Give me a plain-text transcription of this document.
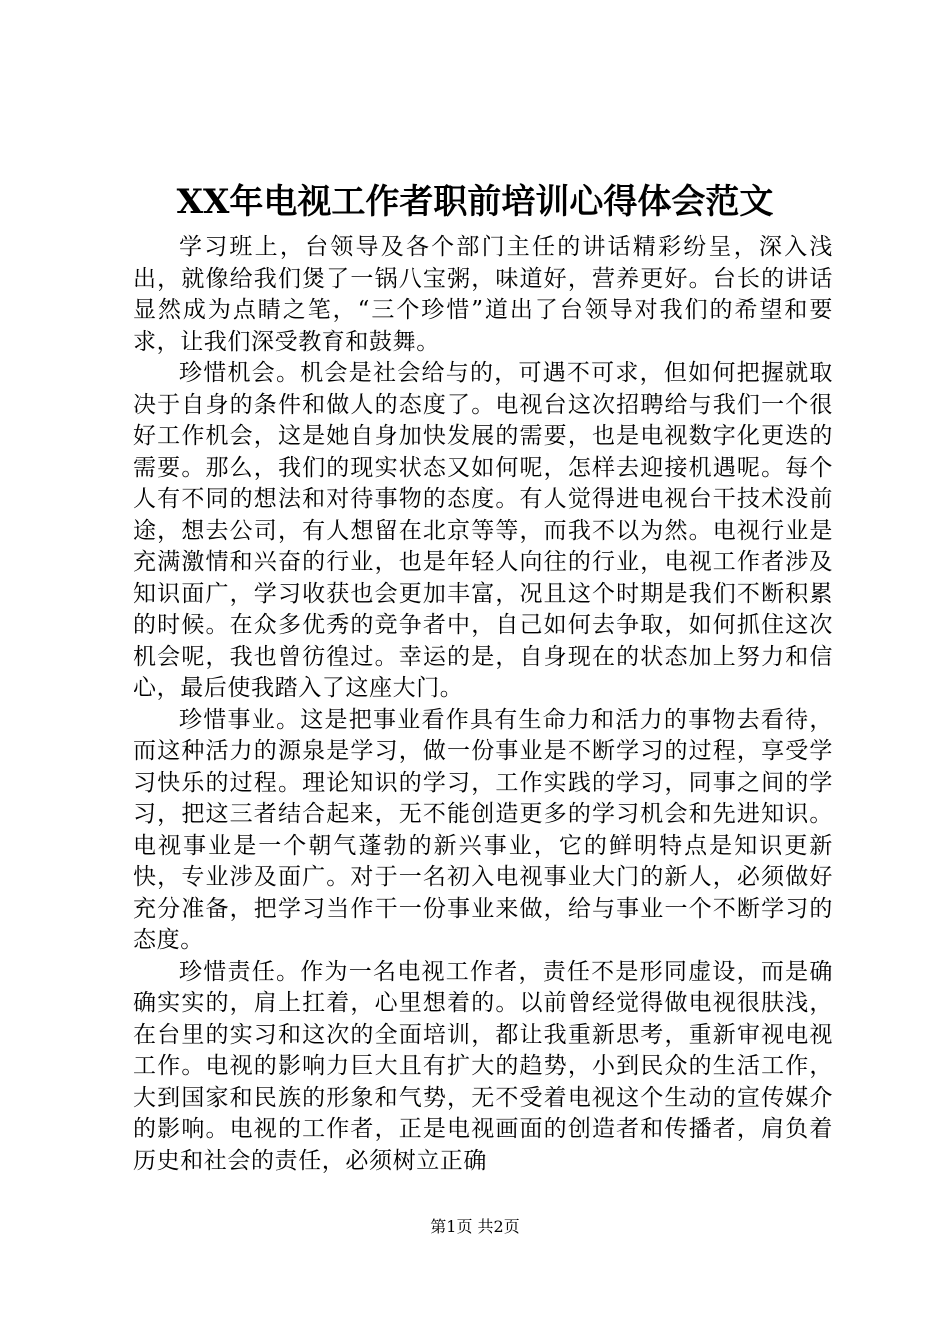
XX年电视工作者职前培训心得体会范文

学习班上，台领导及各个部门主任的讲话精彩纷呈，深入浅出，就像给我们煲了一锅八宝粥，味道好，营养更好。台长的讲话显然成为点睛之笔，“三个珍惜”道出了台领导对我们的希望和要求，让我们深受教育和鼓舞。

珍惜机会。机会是社会给与的，可遇不可求，但如何把握就取决于自身的条件和做人的态度了。电视台这次招聘给与我们一个很好工作机会，这是她自身加快发展的需要，也是电视数字化更迭的需要。那么，我们的现实状态又如何呢，怎样去迎接机遇呢。每个人有不同的想法和对待事物的态度。有人觉得进电视台干技术没前途，想去公司，有人想留在北京等等，而我不以为然。电视行业是充满激情和兴奋的行业，也是年轻人向往的行业，电视工作者涉及知识面广，学习收获也会更加丰富，况且这个时期是我们不断积累的时候。在众多优秀的竞争者中，自己如何去争取，如何抓住这次机会呢，我也曾彷徨过。幸运的是，自身现在的状态加上努力和信心，最后使我踏入了这座大门。

珍惜事业。这是把事业看作具有生命力和活力的事物去看待，而这种活力的源泉是学习，做一份事业是不断学习的过程，享受学习快乐的过程。理论知识的学习，工作实践的学习，同事之间的学习，把这三者结合起来，无不能创造更多的学习机会和先进知识。电视事业是一个朝气蓬勃的新兴事业，它的鲜明特点是知识更新快，专业涉及面广。对于一名初入电视事业大门的新人，必须做好充分准备，把学习当作干一份事业来做，给与事业一个不断学习的态度。

珍惜责任。作为一名电视工作者，责任不是形同虚设，而是确确实实的，肩上扛着，心里想着的。以前曾经觉得做电视很肤浅，在台里的实习和这次的全面培训，都让我重新思考，重新审视电视工作。电视的影响力巨大且有扩大的趋势，小到民众的生活工作，大到国家和民族的形象和气势，无不受着电视这个生动的宣传媒介的影响。电视的工作者，正是电视画面的创造者和传播者，肩负着历史和社会的责任，必须树立正确

第1页 共2页
